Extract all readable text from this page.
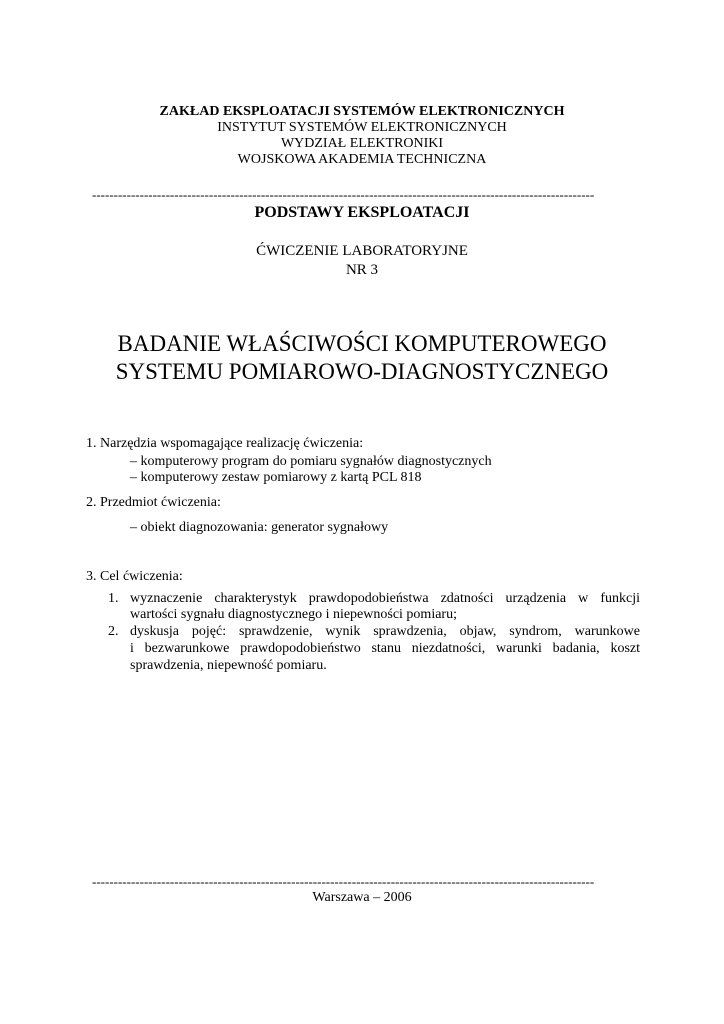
ZAKŁAD EKSPLOATACJI SYSTEMÓW ELEKTRONICZNYCH
INSTYTUT SYSTEMÓW ELEKTRONICZNYCH
WYDZIAŁ ELEKTRONIKI
WOJSKOWA AKADEMIA TECHNICZNA
--------------------------------------------------------------------------------------------------------------------
PODSTAWY EKSPLOATACJI
ĆWICZENIE LABORATORYJNE
NR 3
BADANIE WŁAŚCIWOŚCI KOMPUTEROWEGO
SYSTEMU POMIAROWO-DIAGNOSTYCZNEGO
1. Narzędzia wspomagające realizację ćwiczenia:
– komputerowy program do pomiaru sygnałów diagnostycznych
– komputerowy zestaw pomiarowy z kartą PCL 818
2. Przedmiot ćwiczenia:
– obiekt diagnozowania: generator sygnałowy
3. Cel ćwiczenia:
1. wyznaczenie charakterystyk prawdopodobieństwa zdatności urządzenia w funkcji
wartości sygnału diagnostycznego i niepewności pomiaru;
2. dyskusja pojęć: sprawdzenie, wynik sprawdzenia, objaw, syndrom, warunkowe
i bezwarunkowe prawdopodobieństwo stanu niezdatności, warunki badania, koszt
sprawdzenia, niepewność pomiaru.
--------------------------------------------------------------------------------------------------------------------
Warszawa – 2006
